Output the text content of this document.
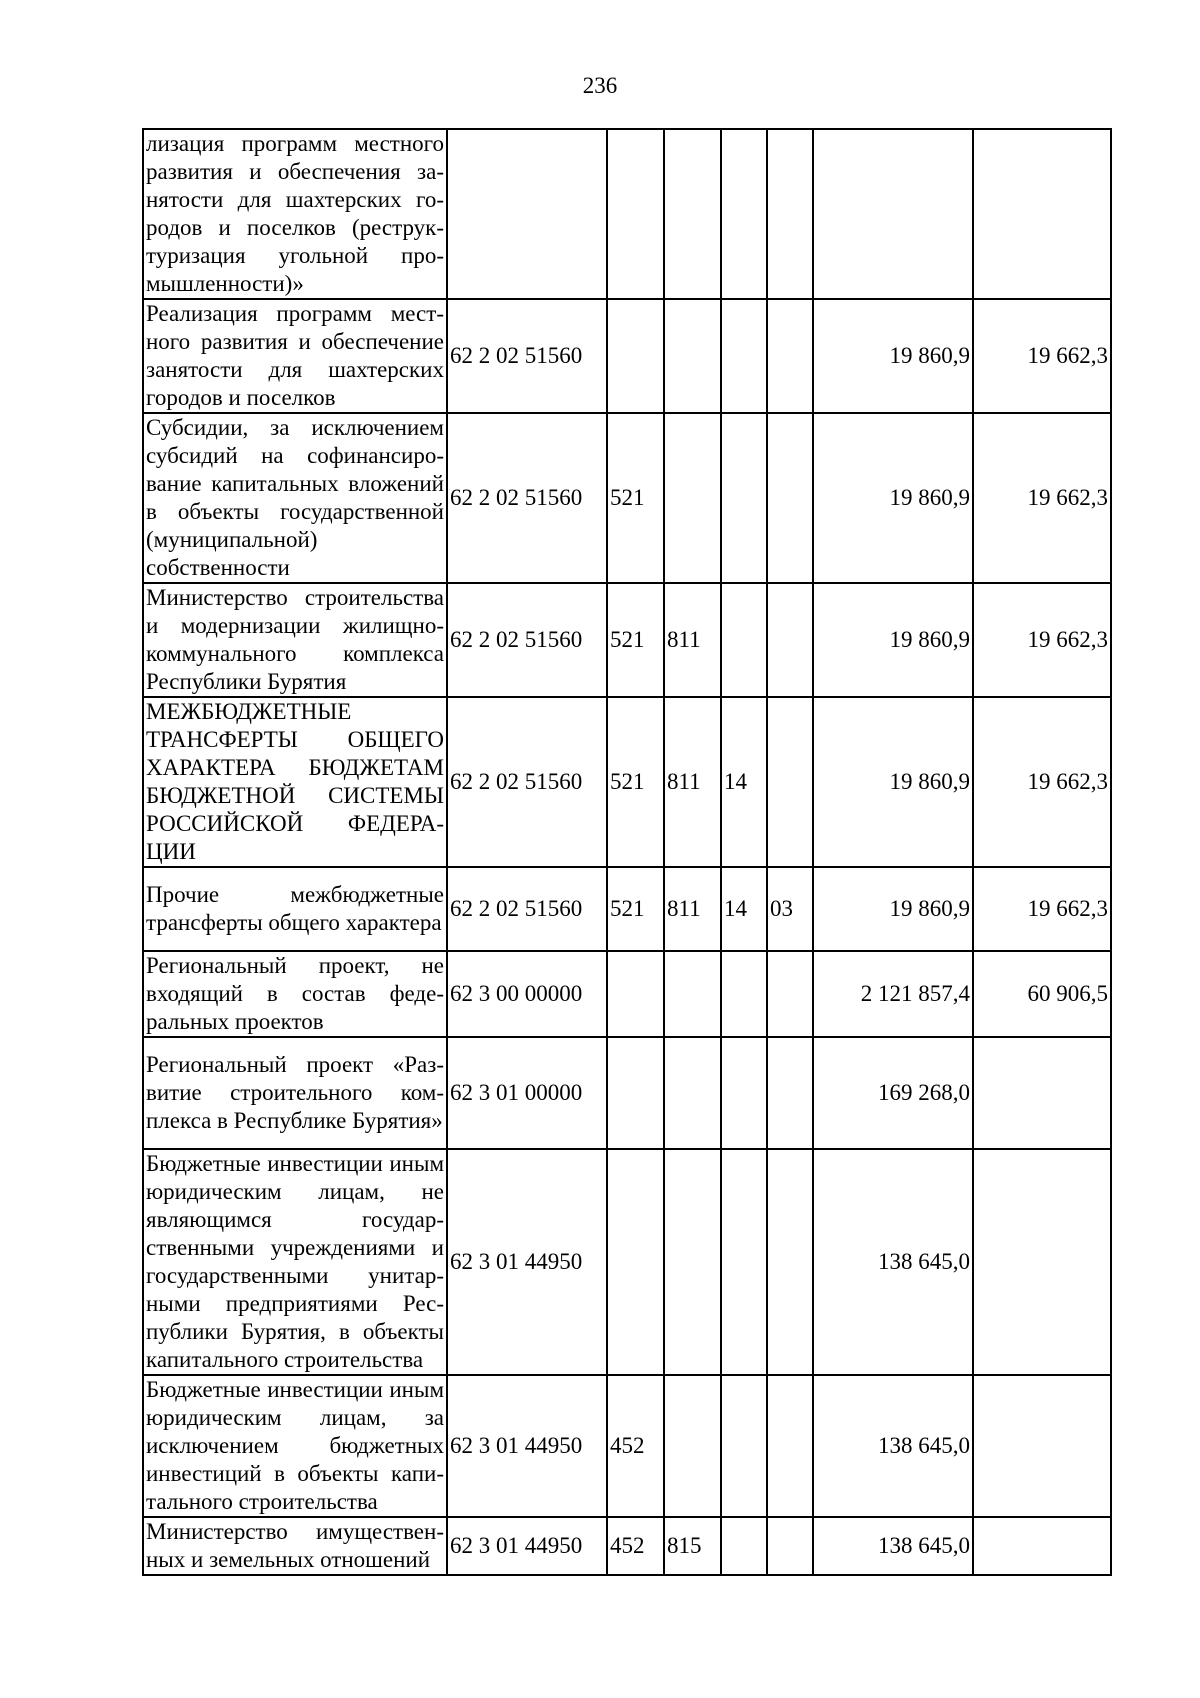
236
лизация программ местного развития и обеспечения занятости для шахтерских городов и поселков (реструктуризация угольной промышленности)»							
Реализация программ местного развития и обеспечение занятости для шахтерских городов и поселков	62 2 02 51560					19 860,9	19 662,3
Субсидии, за исключением субсидий на софинансирование капитальных вложений в объекты государственной (муниципальной) собственности	62 2 02 51560	521				19 860,9	19 662,3
Министерство строительства и модернизации жилищно-коммунального комплекса Республики Бурятия	62 2 02 51560	521	811			19 860,9	19 662,3
МЕЖБЮДЖЕТНЫЕ ТРАНСФЕРТЫ ОБЩЕГО ХАРАКТЕРА БЮДЖЕТАМ БЮДЖЕТНОЙ СИСТЕМЫ РОССИЙСКОЙ ФЕДЕРАЦИИ	62 2 02 51560	521	811	14		19 860,9	19 662,3
Прочие межбюджетные трансферты общего характера	62 2 02 51560	521	811	14	03	19 860,9	19 662,3
Региональный проект, не входящий в состав федеральных проектов	62 3 00 00000					2 121 857,4	60 906,5
Региональный проект «Развитие строительного комплекса в Республике Бурятия»	62 3 01 00000					169 268,0	
Бюджетные инвестиции иным юридическим лицам, не являющимся государственными учреждениями и государственными унитарными предприятиями Республики Бурятия, в объекты капитального строительства	62 3 01 44950					138 645,0	
Бюджетные инвестиции иным юридическим лицам, за исключением бюджетных инвестиций в объекты капитального строительства	62 3 01 44950	452				138 645,0	
Министерство имущественных и земельных отношений	62 3 01 44950	452	815			138 645,0	
